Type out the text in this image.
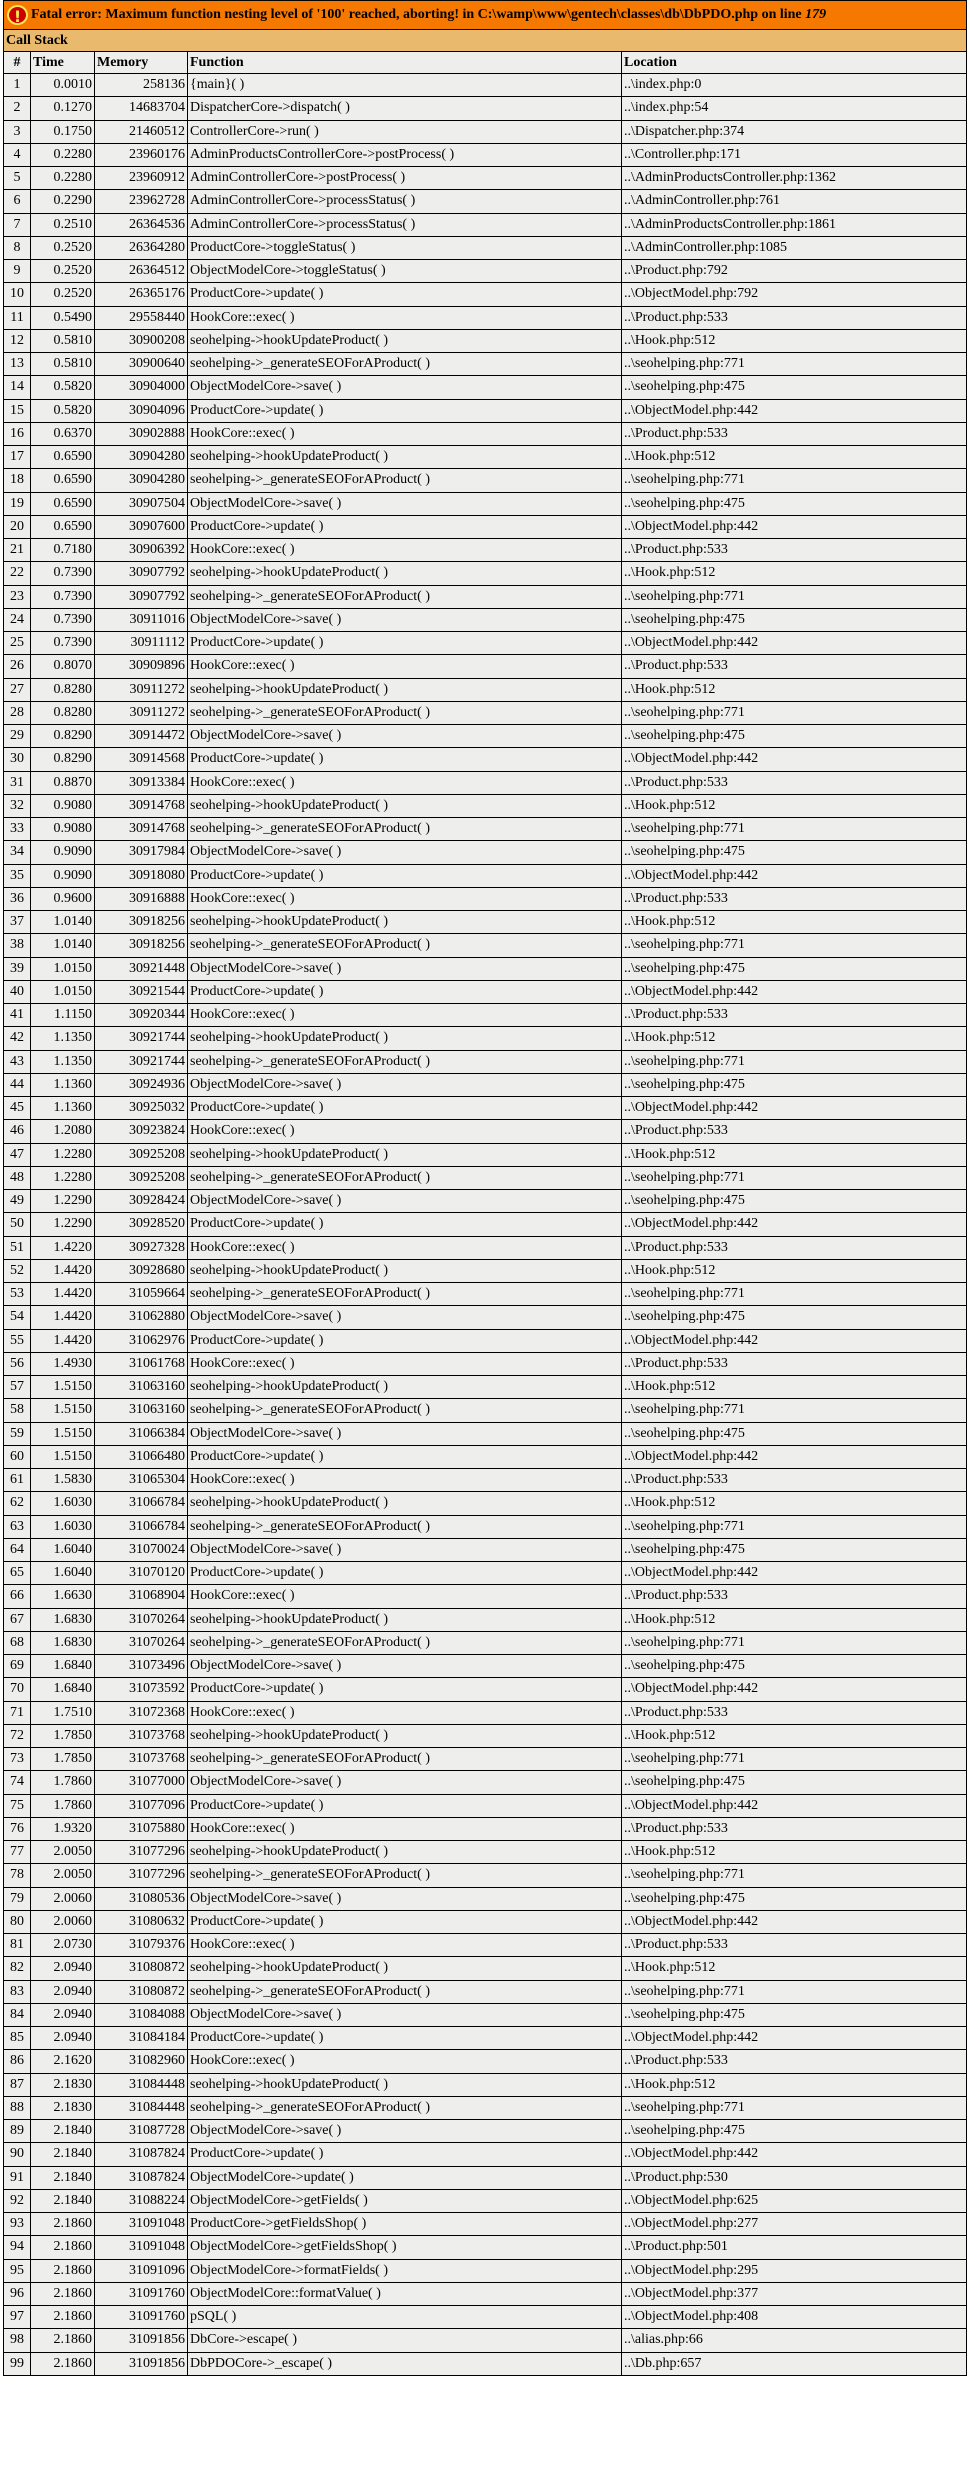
! Fatal error: Maximum function nesting level of '100' reached, aborting! in C:\wamp\www\gentech\classes\db\DbPDO.php on line 179				
Call Stack				
#	Time	Memory	Function	Location
1	0.0010	258136	{main}( )	..\index.php:0
2	0.1270	14683704	DispatcherCore->dispatch( )	..\index.php:54
3	0.1750	21460512	ControllerCore->run( )	..\Dispatcher.php:374
4	0.2280	23960176	AdminProductsControllerCore->postProcess( )	..\Controller.php:171
5	0.2280	23960912	AdminControllerCore->postProcess( )	..\AdminProductsController.php:1362
6	0.2290	23962728	AdminControllerCore->processStatus( )	..\AdminController.php:761
7	0.2510	26364536	AdminControllerCore->processStatus( )	..\AdminProductsController.php:1861
8	0.2520	26364280	ProductCore->toggleStatus( )	..\AdminController.php:1085
9	0.2520	26364512	ObjectModelCore->toggleStatus( )	..\Product.php:792
10	0.2520	26365176	ProductCore->update( )	..\ObjectModel.php:792
11	0.5490	29558440	HookCore::exec( )	..\Product.php:533
12	0.5810	30900208	seohelping->hookUpdateProduct( )	..\Hook.php:512
13	0.5810	30900640	seohelping->_generateSEOForAProduct( )	..\seohelping.php:771
14	0.5820	30904000	ObjectModelCore->save( )	..\seohelping.php:475
15	0.5820	30904096	ProductCore->update( )	..\ObjectModel.php:442
16	0.6370	30902888	HookCore::exec( )	..\Product.php:533
17	0.6590	30904280	seohelping->hookUpdateProduct( )	..\Hook.php:512
18	0.6590	30904280	seohelping->_generateSEOForAProduct( )	..\seohelping.php:771
19	0.6590	30907504	ObjectModelCore->save( )	..\seohelping.php:475
20	0.6590	30907600	ProductCore->update( )	..\ObjectModel.php:442
21	0.7180	30906392	HookCore::exec( )	..\Product.php:533
22	0.7390	30907792	seohelping->hookUpdateProduct( )	..\Hook.php:512
23	0.7390	30907792	seohelping->_generateSEOForAProduct( )	..\seohelping.php:771
24	0.7390	30911016	ObjectModelCore->save( )	..\seohelping.php:475
25	0.7390	30911112	ProductCore->update( )	..\ObjectModel.php:442
26	0.8070	30909896	HookCore::exec( )	..\Product.php:533
27	0.8280	30911272	seohelping->hookUpdateProduct( )	..\Hook.php:512
28	0.8280	30911272	seohelping->_generateSEOForAProduct( )	..\seohelping.php:771
29	0.8290	30914472	ObjectModelCore->save( )	..\seohelping.php:475
30	0.8290	30914568	ProductCore->update( )	..\ObjectModel.php:442
31	0.8870	30913384	HookCore::exec( )	..\Product.php:533
32	0.9080	30914768	seohelping->hookUpdateProduct( )	..\Hook.php:512
33	0.9080	30914768	seohelping->_generateSEOForAProduct( )	..\seohelping.php:771
34	0.9090	30917984	ObjectModelCore->save( )	..\seohelping.php:475
35	0.9090	30918080	ProductCore->update( )	..\ObjectModel.php:442
36	0.9600	30916888	HookCore::exec( )	..\Product.php:533
37	1.0140	30918256	seohelping->hookUpdateProduct( )	..\Hook.php:512
38	1.0140	30918256	seohelping->_generateSEOForAProduct( )	..\seohelping.php:771
39	1.0150	30921448	ObjectModelCore->save( )	..\seohelping.php:475
40	1.0150	30921544	ProductCore->update( )	..\ObjectModel.php:442
41	1.1150	30920344	HookCore::exec( )	..\Product.php:533
42	1.1350	30921744	seohelping->hookUpdateProduct( )	..\Hook.php:512
43	1.1350	30921744	seohelping->_generateSEOForAProduct( )	..\seohelping.php:771
44	1.1360	30924936	ObjectModelCore->save( )	..\seohelping.php:475
45	1.1360	30925032	ProductCore->update( )	..\ObjectModel.php:442
46	1.2080	30923824	HookCore::exec( )	..\Product.php:533
47	1.2280	30925208	seohelping->hookUpdateProduct( )	..\Hook.php:512
48	1.2280	30925208	seohelping->_generateSEOForAProduct( )	..\seohelping.php:771
49	1.2290	30928424	ObjectModelCore->save( )	..\seohelping.php:475
50	1.2290	30928520	ProductCore->update( )	..\ObjectModel.php:442
51	1.4220	30927328	HookCore::exec( )	..\Product.php:533
52	1.4420	30928680	seohelping->hookUpdateProduct( )	..\Hook.php:512
53	1.4420	31059664	seohelping->_generateSEOForAProduct( )	..\seohelping.php:771
54	1.4420	31062880	ObjectModelCore->save( )	..\seohelping.php:475
55	1.4420	31062976	ProductCore->update( )	..\ObjectModel.php:442
56	1.4930	31061768	HookCore::exec( )	..\Product.php:533
57	1.5150	31063160	seohelping->hookUpdateProduct( )	..\Hook.php:512
58	1.5150	31063160	seohelping->_generateSEOForAProduct( )	..\seohelping.php:771
59	1.5150	31066384	ObjectModelCore->save( )	..\seohelping.php:475
60	1.5150	31066480	ProductCore->update( )	..\ObjectModel.php:442
61	1.5830	31065304	HookCore::exec( )	..\Product.php:533
62	1.6030	31066784	seohelping->hookUpdateProduct( )	..\Hook.php:512
63	1.6030	31066784	seohelping->_generateSEOForAProduct( )	..\seohelping.php:771
64	1.6040	31070024	ObjectModelCore->save( )	..\seohelping.php:475
65	1.6040	31070120	ProductCore->update( )	..\ObjectModel.php:442
66	1.6630	31068904	HookCore::exec( )	..\Product.php:533
67	1.6830	31070264	seohelping->hookUpdateProduct( )	..\Hook.php:512
68	1.6830	31070264	seohelping->_generateSEOForAProduct( )	..\seohelping.php:771
69	1.6840	31073496	ObjectModelCore->save( )	..\seohelping.php:475
70	1.6840	31073592	ProductCore->update( )	..\ObjectModel.php:442
71	1.7510	31072368	HookCore::exec( )	..\Product.php:533
72	1.7850	31073768	seohelping->hookUpdateProduct( )	..\Hook.php:512
73	1.7850	31073768	seohelping->_generateSEOForAProduct( )	..\seohelping.php:771
74	1.7860	31077000	ObjectModelCore->save( )	..\seohelping.php:475
75	1.7860	31077096	ProductCore->update( )	..\ObjectModel.php:442
76	1.9320	31075880	HookCore::exec( )	..\Product.php:533
77	2.0050	31077296	seohelping->hookUpdateProduct( )	..\Hook.php:512
78	2.0050	31077296	seohelping->_generateSEOForAProduct( )	..\seohelping.php:771
79	2.0060	31080536	ObjectModelCore->save( )	..\seohelping.php:475
80	2.0060	31080632	ProductCore->update( )	..\ObjectModel.php:442
81	2.0730	31079376	HookCore::exec( )	..\Product.php:533
82	2.0940	31080872	seohelping->hookUpdateProduct( )	..\Hook.php:512
83	2.0940	31080872	seohelping->_generateSEOForAProduct( )	..\seohelping.php:771
84	2.0940	31084088	ObjectModelCore->save( )	..\seohelping.php:475
85	2.0940	31084184	ProductCore->update( )	..\ObjectModel.php:442
86	2.1620	31082960	HookCore::exec( )	..\Product.php:533
87	2.1830	31084448	seohelping->hookUpdateProduct( )	..\Hook.php:512
88	2.1830	31084448	seohelping->_generateSEOForAProduct( )	..\seohelping.php:771
89	2.1840	31087728	ObjectModelCore->save( )	..\seohelping.php:475
90	2.1840	31087824	ProductCore->update( )	..\ObjectModel.php:442
91	2.1840	31087824	ObjectModelCore->update( )	..\Product.php:530
92	2.1840	31088224	ObjectModelCore->getFields( )	..\ObjectModel.php:625
93	2.1860	31091048	ProductCore->getFieldsShop( )	..\ObjectModel.php:277
94	2.1860	31091048	ObjectModelCore->getFieldsShop( )	..\Product.php:501
95	2.1860	31091096	ObjectModelCore->formatFields( )	..\ObjectModel.php:295
96	2.1860	31091760	ObjectModelCore::formatValue( )	..\ObjectModel.php:377
97	2.1860	31091760	pSQL( )	..\ObjectModel.php:408
98	2.1860	31091856	DbCore->escape( )	..\alias.php:66
99	2.1860	31091856	DbPDOCore->_escape( )	..\Db.php:657
